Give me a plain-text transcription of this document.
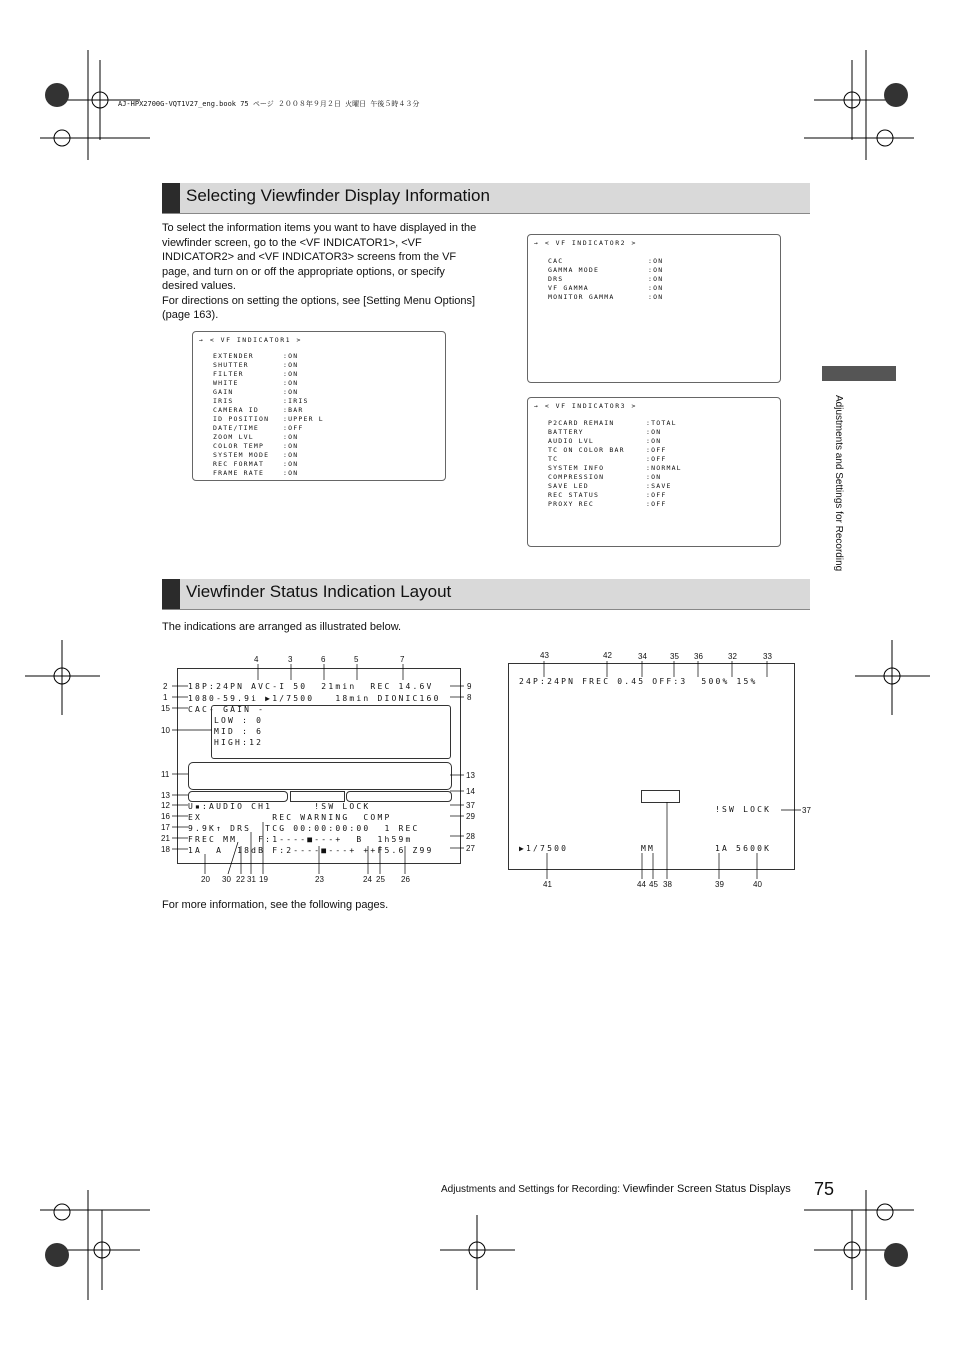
AJ-HPX2700G-VQT1V27_eng.book 75 ページ ２００８年９月２日 火曜日 午後５時４３分
Selecting Viewfinder Display Information
To select the information items you want to have displayed in the viewfinder screen, go to the <VF INDICATOR1>, <VF INDICATOR2> and <VF INDICATOR3> screens from the VF page, and turn on or off the appropriate options, or specify desired values.
For directions on setting the options, see [Setting Menu Options] (page 163).
→ < VF INDICATOR1 >
EXTENDER	:ON
SHUTTER	:ON
FILTER	:ON
WHITE	:ON
GAIN	:ON
IRIS	:IRIS
CAMERA ID	:BAR
ID POSITION :UPPER L
DATE/TIME	:OFF
ZOOM LVL	:ON
COLOR TEMP	:ON
SYSTEM MODE :ON
REC FORMAT	:ON
FRAME RATE	:ON
→ < VF INDICATOR2 >
CAC	:ON
GAMMA MODE	:ON
DRS	:ON
VF GAMMA	:ON
MONITOR GAMMA	:ON
→ < VF INDICATOR3 >
P2CARD REMAIN	:TOTAL
BATTERY	:ON
AUDIO LVL	:ON
TC ON COLOR BAR	:OFF
TC	:OFF
SYSTEM INFO	:NORMAL
COMPRESSION	:ON
SAVE LED	:SAVE
REC STATUS	:OFF
PROXY REC	:OFF	Adjustments and Settings for Recording
Viewfinder Status Indication Layout
The indications are arranged as illustrated below.
18P:24PN AVC-I 50  21min  REC 14.6V
1080-59.9i ▶1/7500   18min DIONIC160
CAC- GAIN -
LOW : 0
MID : 6
HIGH:12
U▪:AUDIO CH1      !SW LOCK
EX          REC WARNING  COMP
9.9K↑ DRS  TCG 00:00:00:00  1 REC
FREC MM   F:1----■---+  B  1h59m
1A  A  18dB F:2----■---+ ++F5.6 Z99
4	3	6	5	7
2
1
15
10
11
13
12
16
17
21
18
9
8
13
14
37
29
28
27
20 30 22 31 19	23	24 25 26
24P:24PN FREC 0.45 OFF:3  500% 15%
!SW LOCK
▶1/7500	MM	1A 5600K
43	42	34	35 36	32	33
37
41	44 45 38	39	40
For more information, see the following pages.
Adjustments and Settings for Recording: Viewfinder Screen Status Displays 75
